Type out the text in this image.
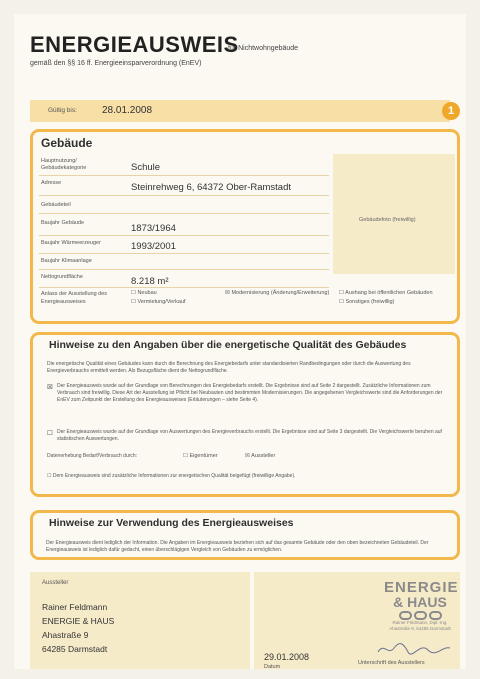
ENERGIEAUSWEIS
für Nichtwohngebäude
gemäß den §§ 16 ff. Energieeinsparverordnung (EnEV)
Gültig bis:	28.01.2008	1
Gebäude
Hauptnutzung/ Gebäudekategorie	Schule
Adresse	Steinrehweg 6, 64372 Ober-Ramstadt
Gebäudeteil
Baujahr Gebäude	1873/1964
Baujahr Wärmeerzeuger	1993/2001
Baujahr Klimaanlage
Nettogrundfläche	8.218 m²
Gebäudefoto (freiwillig)
Anlass der Ausstellung des Energieausweises
☐ Neubau
☐ Vermietung/Verkauf
☒ Modernisierung (Änderung/Erweiterung) ☐ Aushang bei öffentlichen Gebäuden
☐ Sonstiges (freiwillig)
Hinweise zu den Angaben über die energetische Qualität des Gebäudes
Die energetische Qualität eines Gebäudes kann durch die Berechnung des Energiebedarfs unter standardisierten Randbedingungen oder durch die Auswertung des Energieverbrauchs ermittelt werden. Als Bezugsfläche dient die Nettogrundfläche.
☒ Der Energieausweis wurde auf der Grundlage von Berechnungen des Energiebedarfs erstellt. Die Ergebnisse sind auf Seite 2 dargestellt. Zusätzliche Informationen zum Verbrauch sind freiwillig. Diese Art der Ausstellung ist Pflicht bei Neubauten und bestimmten Modernisierungen. Die angegebenen Vergleichswerte sind die Anforderungen der EnEV zum Zeitpunkt der Erstellung des Energieausweises (Erläuterungen – siehe Seite 4).
☐ Der Energieausweis wurde auf der Grundlage von Auswertungen des Energieverbrauchs erstellt. Die Ergebnisse sind auf Seite 3 dargestellt. Die Vergleichswerte beruhen auf statistischen Auswertungen.
Datenerhebung Bedarf/Verbrauch durch:	☐ Eigentümer	☒ Aussteller
☐ Dem Energieausweis sind zusätzliche Informationen zur energetischen Qualität beigefügt (freiwillige Angabe).
Hinweise zur Verwendung des Energieausweises
Der Energieausweis dient lediglich der Information. Die Angaben im Energieausweis beziehen sich auf das gesamte Gebäude oder den oben bezeichneten Gebäudeteil. Der Energieausweis ist lediglich dafür gedacht, einen überschlägigen Vergleich von Gebäuden zu ermöglichen.
Aussteller
Rainer Feldmann
ENERGIE & HAUS
Ahastraße 9
64285 Darmstadt
ENERGIE
& HAUS
Rainer Feldmann, Dipl.-Ing. Ahastraße 9, 64285 Darmstadt
29.01.2008
Datum
Unterschrift des Ausstellers
